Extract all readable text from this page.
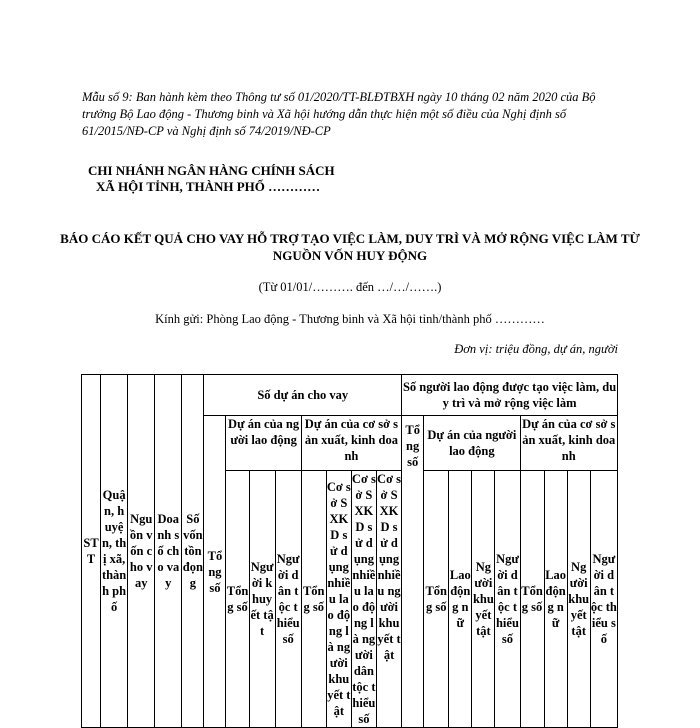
Mẫu số 9: Ban hành kèm theo Thông tư số 01/2020/TT-BLĐTBXH ngày 10 tháng 02 năm 2020 của Bộ trưởng Bộ Lao động - Thương binh và Xã hội hướng dẫn thực hiện một số điều của Nghị định số 61/2015/NĐ-CP và Nghị định số 74/2019/NĐ-CP
CHI NHÁNH NGÂN HÀNG CHÍNH SÁCH
XÃ HỘI TỈNH, THÀNH PHỐ …………
BÁO CÁO KẾT QUẢ CHO VAY HỖ TRỢ TẠO VIỆC LÀM, DUY TRÌ VÀ MỞ RỘNG VIỆC LÀM TỪ NGUỒN VỐN HUY ĐỘNG
(Từ 01/01/………. đến …/…/…….)
Kính gửi: Phòng Lao động - Thương binh và Xã hội tỉnh/thành phố …………
Đơn vị: triệu đồng, dự án, người
STT	Quận, huyện, thị xã, thành phố	Nguồn vốn cho vay	Doanh số cho vay	Số vốn tồn đọng	Số dự án cho vay								Số người lao động được tạo việc làm, duy trì và mở rộng việc làm								
					Tổng số	Dự án của người lao động			Dự án của cơ sở sản xuất, kinh doanh				Tổng số	Dự án của người lao động				Dự án của cơ sở sản xuất, kinh doanh			
						Tổng số	Người khuyết tật	Người dân tộc thiểu số	Tổng số	Cơ sở SXKD sử dụng nhiều lao động là người khuyết tật	Cơ sở SXKD sử dụng nhiều lao động là người dân tộc thiểu số	Cơ sở SXKD sử dụng nhiều người khuyết tật		Tổng số	Lao động nữ	Người khuyết tật	Người dân tộc thiểu số	Tổng số	Lao động nữ	Người khuyết tật	Người dân tộc thiểu số
